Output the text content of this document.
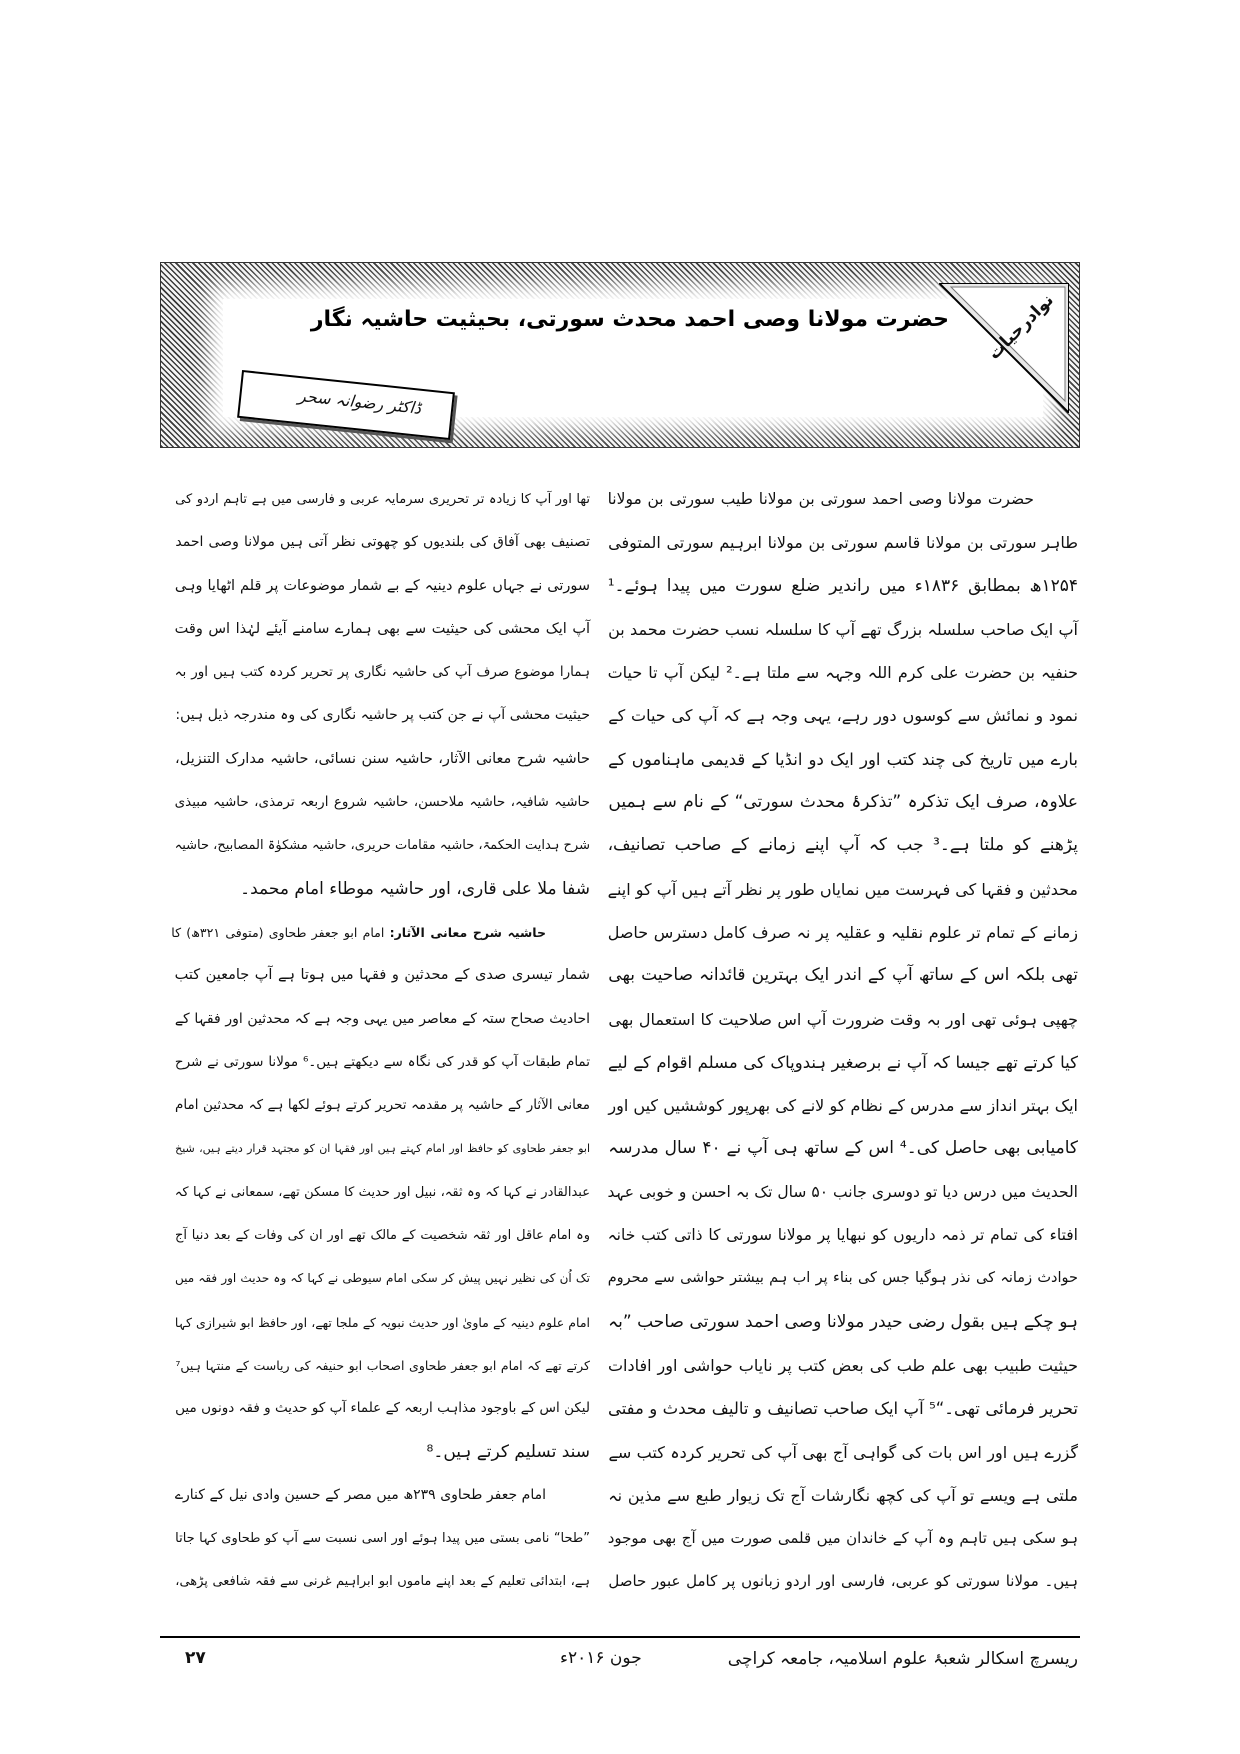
حضرت مولانا وصی احمد محدث سورتی، بحیثیت حاشیہ نگار
ڈاکٹر رضوانہ سحر
نوادرحیات
حضرت مولانا وصی احمد سورتی بن مولانا طیب سورتی بن مولانا
طاہر سورتی بن مولانا قاسم سورتی بن مولانا ابرہیم سورتی المتوفی
۱۲۵۴ھ بمطابق ۱۸۳۶ء میں راندیر ضلع سورت میں پیدا ہوئے۔¹
آپ ایک صاحب سلسلہ بزرگ تھے آپ کا سلسلہ نسب حضرت محمد بن
حنفیہ بن حضرت علی کرم اللہ وجہہ سے ملتا ہے۔² لیکن آپ تا حیات
نمود و نمائش سے کوسوں دور رہے، یہی وجہ ہے کہ آپ کی حیات کے
بارے میں تاریخ کی چند کتب اور ایک دو انڈیا کے قدیمی ماہناموں کے
علاوہ، صرف ایک تذکرہ ”تذکرۂ محدث سورتی“ کے نام سے ہمیں
پڑھنے کو ملتا ہے۔³ جب کہ آپ اپنے زمانے کے صاحب تصانیف،
محدثین و فقہا کی فہرست میں نمایاں طور پر نظر آتے ہیں آپ کو اپنے
زمانے کے تمام تر علوم نقلیہ و عقلیہ پر نہ صرف کامل دسترس حاصل
تھی بلکہ اس کے ساتھ آپ کے اندر ایک بہترین قائدانہ صاحیت بھی
چھپی ہوئی تھی اور بہ وقت ضرورت آپ اس صلاحیت کا استعمال بھی
کیا کرتے تھے جیسا کہ آپ نے برصغیر ہندوپاک کی مسلم اقوام کے لیے
ایک بہتر انداز سے مدرس کے نظام کو لانے کی بھرپور کوششیں کیں اور
کامیابی بھی حاصل کی۔⁴ اس کے ساتھ ہی آپ نے ۴۰ سال مدرسہ
الحدیث میں درس دیا تو دوسری جانب ۵۰ سال تک بہ احسن و خوبی عہد
افتاء کی تمام تر ذمہ داریوں کو نبھایا پر مولانا سورتی کا ذاتی کتب خانہ
حوادث زمانہ کی نذر ہوگیا جس کی بناء پر اب ہم بیشتر حواشی سے محروم
ہو چکے ہیں بقول رضی حیدر مولانا وصی احمد سورتی صاحب ”بہ
حیثیت طبیب بھی علم طب کی بعض کتب پر نایاب حواشی اور افادات
تحریر فرمائی تھی۔“⁵ آپ ایک صاحب تصانیف و تالیف محدث و مفتی
گزرے ہیں اور اس بات کی گواہی آج بھی آپ کی تحریر کردہ کتب سے
ملتی ہے ویسے تو آپ کی کچھ نگارشات آج تک زیوار طبع سے مذین نہ
ہو سکی ہیں تاہم وہ آپ کے خاندان میں قلمی صورت میں آج بھی موجود
ہیں۔ مولانا سورتی کو عربی، فارسی اور اردو زبانوں پر کامل عبور حاصل
تھا اور آپ کا زیادہ تر تحریری سرمایہ عربی و فارسی میں ہے تاہم اردو کی
تصنیف بھی آفاق کی بلندیوں کو چھوتی نظر آتی ہیں مولانا وصی احمد
سورتی نے جہاں علوم دینیہ کے بے شمار موضوعات پر قلم اٹھایا وہی
آپ ایک محشی کی حیثیت سے بھی ہمارے سامنے آیئے لہٰذا اس وقت
ہمارا موضوع صرف آپ کی حاشیہ نگاری پر تحریر کردہ کتب ہیں اور بہ
حیثیت محشی آپ نے جن کتب پر حاشیہ نگاری کی وہ مندرجہ ذیل ہیں:
حاشیہ شرح معانی الآثار، حاشیہ سنن نسائی، حاشیہ مدارک التنزیل،
حاشیہ شافیہ، حاشیہ ملاحسن، حاشیہ شروع اربعہ ترمذی، حاشیہ مبیذی
شرح ہدایت الحکمۃ، حاشیہ مقامات حریری، حاشیہ مشکوٰۃ المصابیح، حاشیہ
شفا ملا علی قاری، اور حاشیہ موطاء امام محمد۔
حاشیہ شرح معانی الآثار: امام ابو جعفر طحاوی (متوفی ۳۲۱ھ) کا
شمار تیسری صدی کے محدثین و فقہا میں ہوتا ہے آپ جامعین کتب
احادیث صحاح ستہ کے معاصر میں یہی وجہ ہے کہ محدثین اور فقہا کے
تمام طبقات آپ کو قدر کی نگاہ سے دیکھتے ہیں۔⁶ مولانا سورتی نے شرح
معانی الآثار کے حاشیہ پر مقدمہ تحریر کرتے ہوئے لکھا ہے کہ محدثین امام
ابو جعفر طحاوی کو حافظ اور امام کہتے ہیں اور فقہا ان کو مجتہد قرار دیتے ہیں، شیخ
عبدالقادر نے کہا کہ وہ ثقہ، نبیل اور حدیث کا مسکن تھے، سمعانی نے کہا کہ
وہ امام عاقل اور ثقہ شخصیت کے مالک تھے اور ان کی وفات کے بعد دنیا آج
تک اُن کی نظیر نہیں پیش کر سکی امام سیوطی نے کہا کہ وہ حدیث اور فقہ میں
امام علوم دینیہ کے ماویٰ اور حدیث نبویہ کے ملجا تھے، اور حافظ ابو شیرازی کہا
کرتے تھے کہ امام ابو جعفر طحاوی اصحاب ابو حنیفہ کی ریاست کے منتہا ہیں⁷
لیکن اس کے باوجود مذاہب اربعہ کے علماء آپ کو حدیث و فقہ دونوں میں
سند تسلیم کرتے ہیں۔⁸
امام جعفر طحاوی ۲۳۹ھ میں مصر کے حسین وادی نیل کے کنارے
”طحا“ نامی بستی میں پیدا ہوئے اور اسی نسبت سے آپ کو طحاوی کہا جاتا
ہے، ابتدائی تعلیم کے بعد اپنے ماموں ابو ابراہیم غرنی سے فقہ شافعی پڑھی،
ریسرچ اسکالر شعبۂ علوم اسلامیہ، جامعہ کراچی
جون ۲۰۱۶ء
۲۷
